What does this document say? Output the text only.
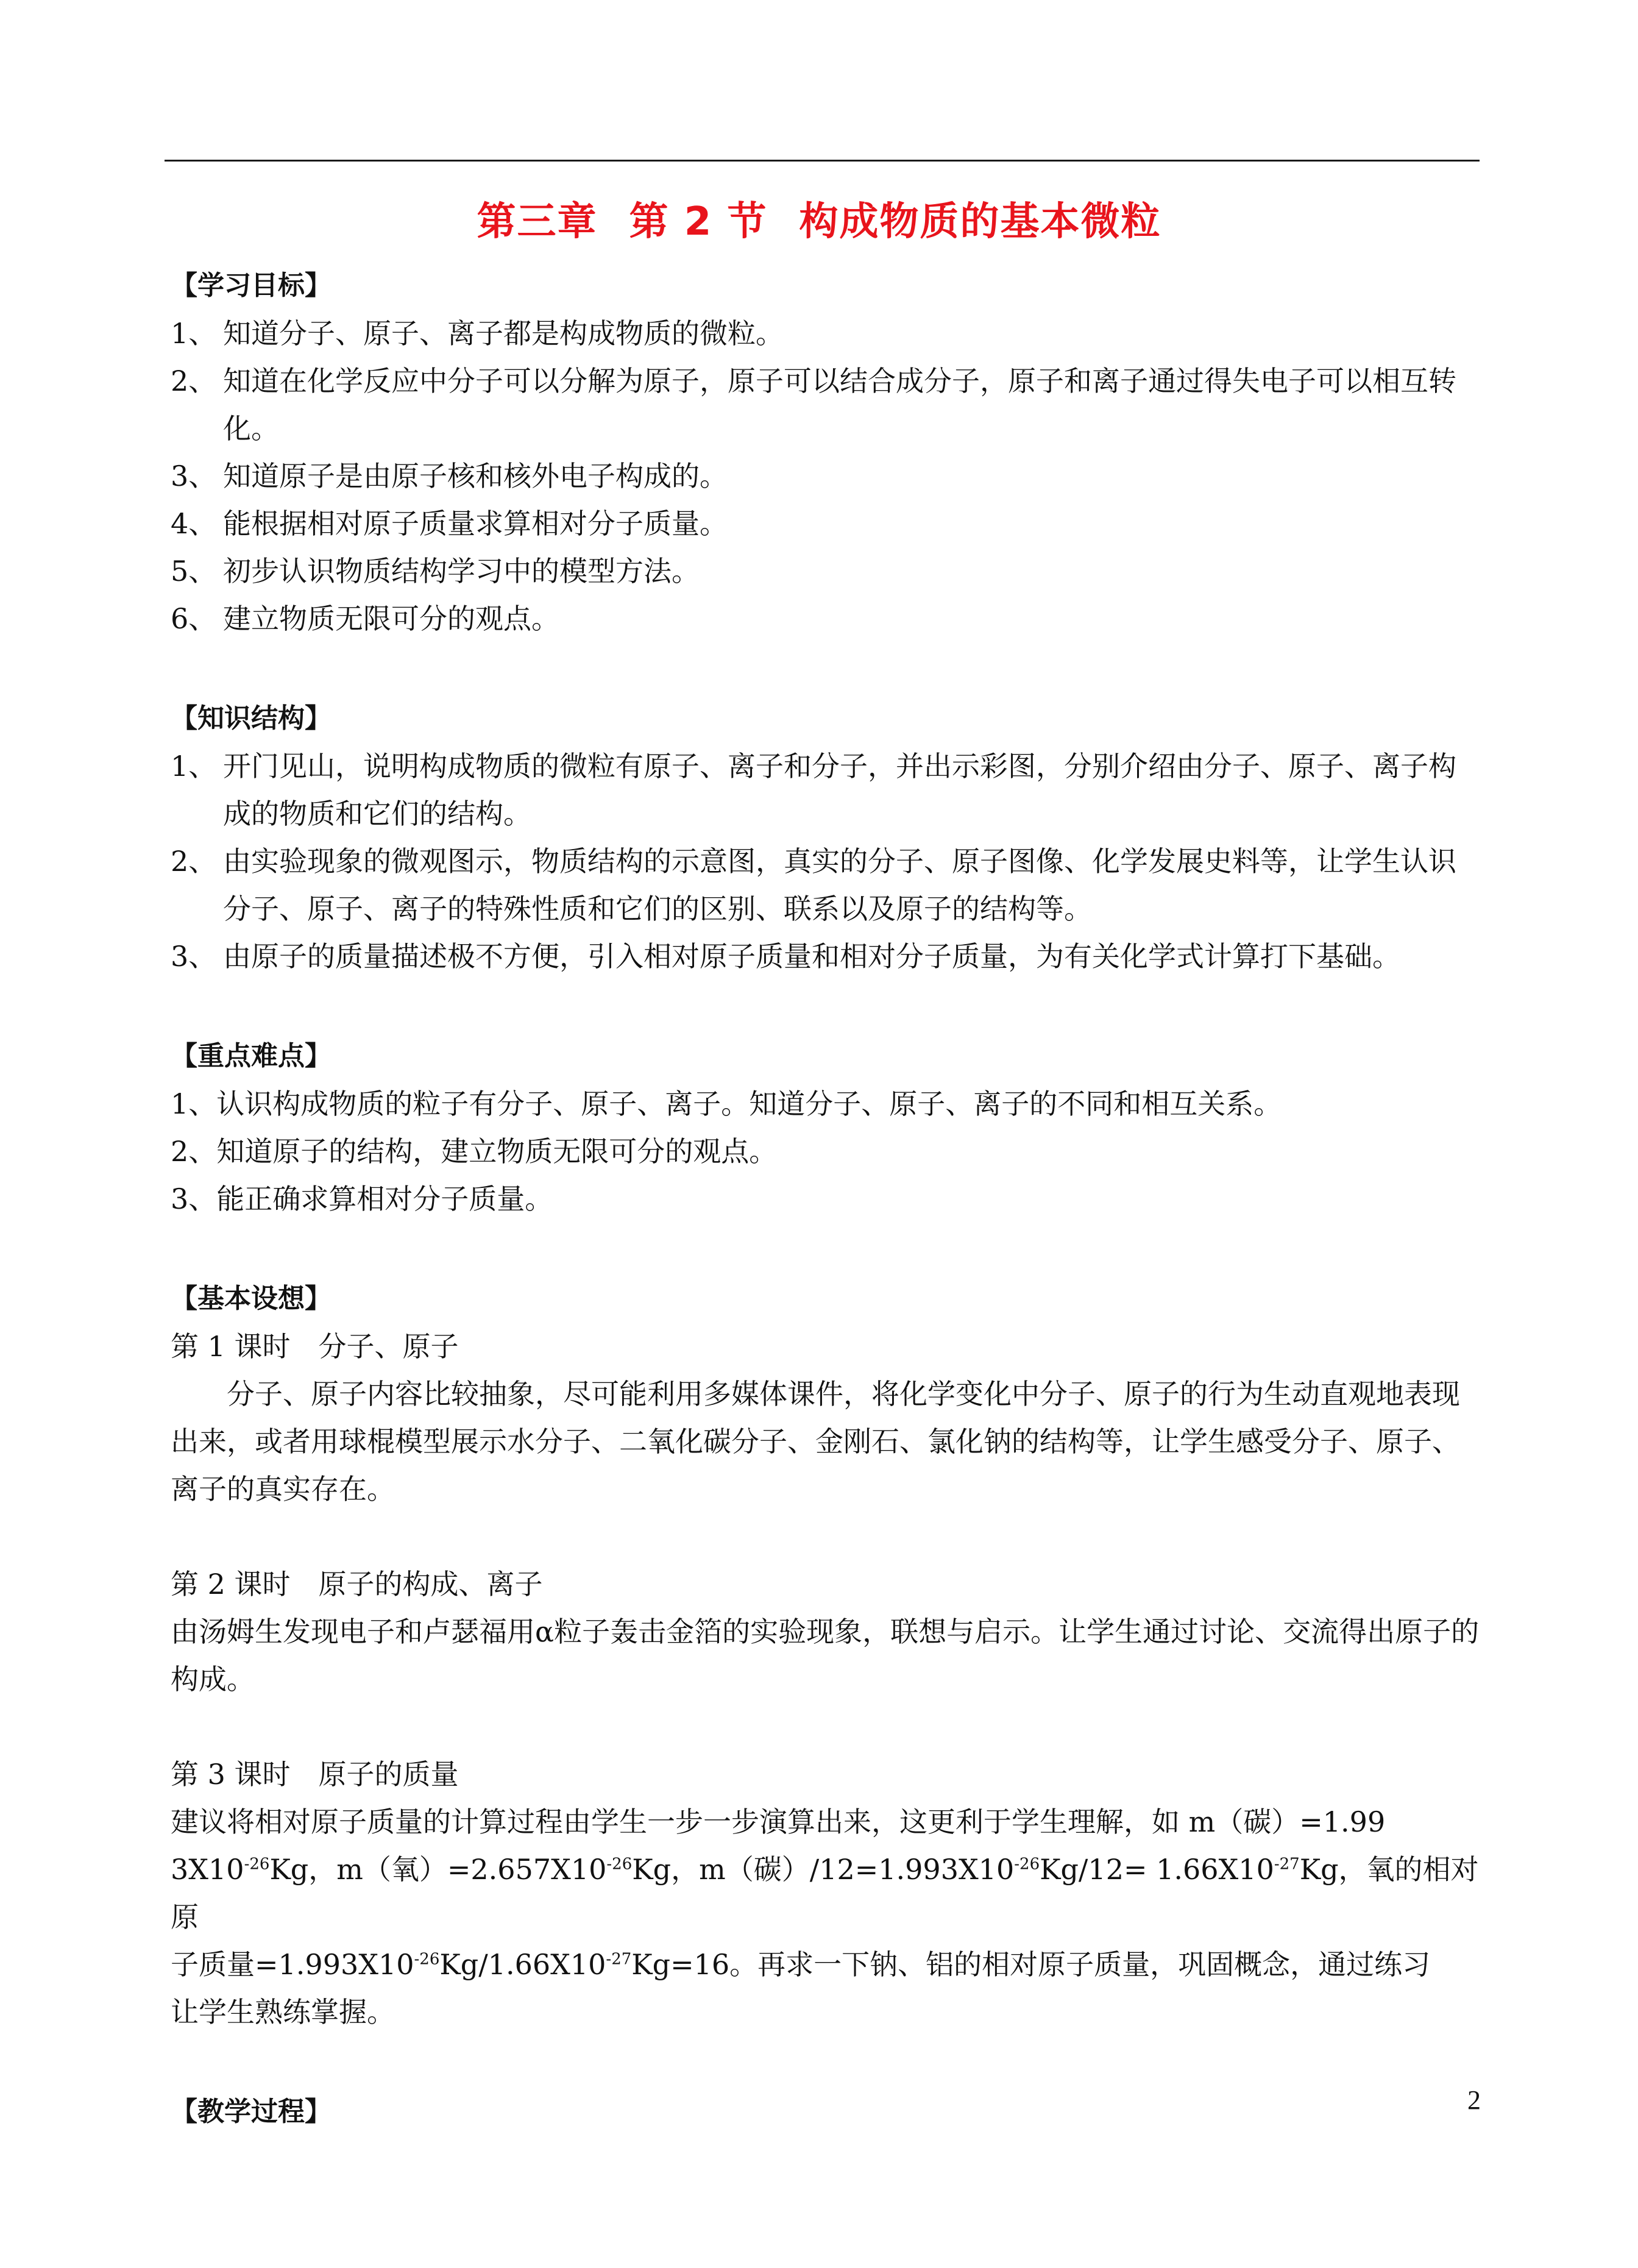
第三章 第 2 节 构成物质的基本微粒
【学习目标】
1、 知道分子、原子、离子都是构成物质的微粒。
2、 知道在化学反应中分子可以分解为原子，原子可以结合成分子，原子和离子通过得失电子可以相互转化。
3、 知道原子是由原子核和核外电子构成的。
4、 能根据相对原子质量求算相对分子质量。
5、 初步认识物质结构学习中的模型方法。
6、 建立物质无限可分的观点。
【知识结构】
1、 开门见山，说明构成物质的微粒有原子、离子和分子，并出示彩图，分别介绍由分子、原子、离子构成的物质和它们的结构。
2、 由实验现象的微观图示，物质结构的示意图，真实的分子、原子图像、化学发展史料等，让学生认识分子、原子、离子的特殊性质和它们的区别、联系以及原子的结构等。
3、 由原子的质量描述极不方便，引入相对原子质量和相对分子质量，为有关化学式计算打下基础。
【重点难点】
1、认识构成物质的粒子有分子、原子、离子。知道分子、原子、离子的不同和相互关系。
2、知道原子的结构，建立物质无限可分的观点。
3、能正确求算相对分子质量。
【基本设想】
第 1 课时　分子、原子
分子、原子内容比较抽象，尽可能利用多媒体课件，将化学变化中分子、原子的行为生动直观地表现出来，或者用球棍模型展示水分子、二氧化碳分子、金刚石、氯化钠的结构等，让学生感受分子、原子、离子的真实存在。
第 2 课时　原子的构成、离子
由汤姆生发现电子和卢瑟福用α粒子轰击金箔的实验现象，联想与启示。让学生通过讨论、交流得出原子的构成。
第 3 课时　原子的质量
建议将相对原子质量的计算过程由学生一步一步演算出来，这更利于学生理解，如 m（碳）=1.99
$3X10^{-26}Kg$，m（氧）$=2.657X10^{-26}Kg$，m（碳）$/12=1.993X10^{-26}Kg/12= 1.66X10^{-27}Kg$，氧的相对原
子质量$=1.993X10^{-26}Kg/1.66X10^{-27}Kg=16$。再求一下钠、铝的相对原子质量，巩固概念，通过练习
让学生熟练掌握。
【教学过程】	2
